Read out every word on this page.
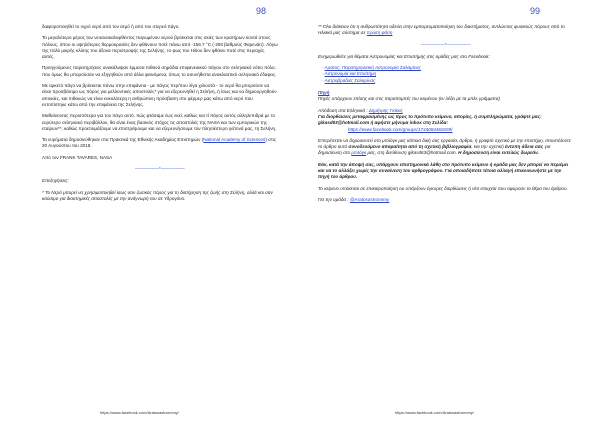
98

διαφοροποιηθεί το υγρό νερό από τον ατμό ή από τον στερεό πάγο.

Το μεγαλύτερο μέρος του νεοανακαλυφθέντος παγωμένου νερού βρίσκεται στις σκιές των κρατήρων κοντά στους πόλους, όπου οι υψηλότερες θερμοκρασίες δεν φθάνουν ποτέ πάνω από -156.7 °C (-250 βαθμούς Φαρενάιτ). Λόγω της πολύ μικρής κλίσης του άξονα περιστροφής της Σελήνης, το φως του Ηλίου δεν φθάνει ποτέ στις περιοχές αυτές.

Προηγούμενες παρατηρήσεις ανακάλυψαν έμμεσα πιθανά σημάδια επιφανειακού πάγου στο σεληνιακό νότιο πόλο, που όμως θα μπορούσαν να εξηγηθούν από άλλα φαινόμενα, όπως το ασυνήθιστα ανακλαστικό σεληνιακό έδαφος.

Με αρκετό πάγο να βρίσκεται πάνω στην επιφάνεια - με πάγος περ/που λίγα χιλιοστά - το νερό θα μπορούσε να είναι προσβάσιμο ως πόρος για μελλοντικές αποστολές* για να εξερευνηθεί η Σελήνη, ή ίσως και να δημιουργηθούν αποικίες, και πιθανώς να είναι ευκολότερη η ανθρώπινη πρόσβαση στο φέρμερ μας κάτω από νερό που εντοπίστηκε κάτω από την επιφάνεια της Σελήνης.

Μαθαίνοντας περισσότερα για τον πάγο αυτό, πώς φτάσαμε έως εκεί, καθώς και τί πάγος αυτός αλληλεπιδρά με το ευρύτερο σεληνιακό περιβάλλον, θα είναι ένας βασικός στόχος τις αποστολές της NASA και των εμπορικών της εταίρων**, καθώς προετοιμάζουμε να επιστρέψουμε και να εξερευνήσουμε τον πλησιέστερο γείτονά μας, τη Σελήνη.

Τα ευρήματα δημοσιεύθηκαν στα Πρακτικά της Εθνικής Ακαδημίας Επιστημών (National Academy of Sciences) στις 20 Αυγούστου του 2018.

Από τον FRANK TAVARES, NASA

—————*—————

Επεξηγήσεις:

* Το Νερό μπορεί να χρησιμοποιηθεί ίσως σαν ζωτικός πόρος για τη διατήρηση της ζωής στη Σελήνη, αλλά και σαν καύσιμο για διαστημικές αποστολές με την ανάγνωρή του σε Υδρογόνο.

https://www.facebook.com/Aratosastronomy/
99

** Όλο διάκειον ότι η ανθρωπότητα οδεύει στην εμπορευματοποίηση του διαστήματος, αντλώντας φυσικούς πόρους από το Ηλιακό μας σύστημα σε πρώτη φάση

—————*—————

Ενημερωθείτε για θέματα Αστρονομίας και Επιστήμης στις ομάδες μας στο Facebook:

- Αρατος: Παρατηρησιακή Αστρονομία Σαλαμίνας
- Αστρονομία και Επιστήμη
- Αστροβραδιές Σαλαμίνας

Πηγή

Πηγές υπάρχουν επίσης και στις παραπομπές του κειμένου (εν λέξει με τα μπλε γράμματα)

Απόδοση στα Ελληνικά : Δημήτρης Γκίκας
Για διορθώσεις μεταφρασμένης ως προς το πρότυπο κείμενο, απορίες, ή συμπληρώματα, γράψτε μας: gikasd63@hotmail.com ή αφήστε μήνυμα inbox στη Σελίδα:
https://www.facebook.com/groups/1744084460269/

Επιτρέπεται να δημοσιευτεί στο μπλόγκ μας κάποια δική σας εργασία, άρθρο, ή γραφτό σχετικό με την επιστήμη, αποστέλοντε το άρθρο αυτό συνοδευόμενο απαραίτητα από τη σχετική βιβλιογραφία, και την σχετική έντυπη άδεια σας για δημοσίευση στο μπλόγκ μας, στη διεύθυνση gikasd63@hotmail.com. Η δημοσίευση είναι εντελώς δωρεάν.

Εάν, κατά την άποψή σας, υπάρχουν επιστημονικά λάθη στο πρότυπο κείμενο ή ομάδα μας δεν μπορεί να περιέμει και να το αλλάξει χωρίς την συναίνεση του αρθρογράφου. Για οποιαδήποτε τέτοια αλλαγή επικοινωνήστε με την πηγή του άρθρου.

Το κείμενο υπόκειται σε επικαιροποίηση ου υπάρξουν έγκυρες διορθώσεις ή νέα στοιχεία που αφορούν το θέμα του άρθρου.

Για την ομάδα : @Aratosastronomy

https://www.facebook.com/Aratosastronomy/
